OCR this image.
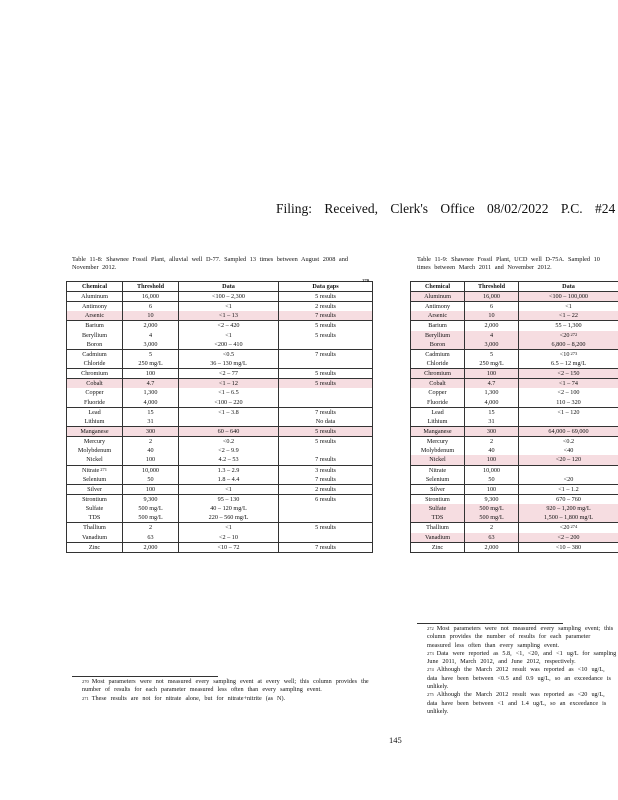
Filing: Received, Clerk's Office 08/02/2022 P.C. #24
Table 11-8: Shawnee Fossil Plant, alluvial well D-77. Sampled 13 times between August 2008 and November 2012.
Table 11-9: Shawnee Fossil Plant, UCD well D-75A. Sampled 10 times between March 2011 and November 2012.
Chemical	Threshold	Data	Data gaps
270

Aluminum	16,000	<100 – 2,300	5 results
Antimony	6	<1	2 results
Arsenic	10	<1 – 13	7 results
Barium	2,000	<2 – 420	5 results
Beryllium	4	<1	5 results
Boron	3,000	<200 – 410	
Cadmium	5	<0.5	7 results
Chloride	250 mg/L	36 – 130 mg/L	
Chromium	100	<2 – 77	5 results
Cobalt	4.7	<1 – 12	5 results
Copper	1,300	<1 – 6.5	
Fluoride	4,000	<100 – 220	
Lead	15	<1 – 3.8	7 results
Lithium	31		No data
Manganese	300	60 – 640	5 results
Mercury	2	<0.2	5 results
Molybdenum	40	<2 – 9.9	
Nickel	100	4.2 – 53	7 results
Nitrate$^{271}$	10,000	1.3 – 2.9	3 results
Selenium	50	1.8 – 4.4	7 results
Silver	100	<1	2 results
Strontium	9,300	95 – 130	6 results
Sulfate	500 mg/L	40 – 120 mg/L	
TDS	500 mg/L	220 – 560 mg/L	
Thallium	2	<1	5 results
Vanadium	63	<2 – 10	
Zinc	2,000	<10 – 72	7 results
Chemical	Threshold	Data
Aluminum	16,000	<100 – 100,000
Antimony	6	<1
Arsenic	10	<1 – 22
Barium	2,000	55 – 1,300
Beryllium	4	<20$^{272}$
Boron	3,000	6,800 – 8,200
Cadmium	5	<10$^{273}$
Chloride	250 mg/L	6.5 – 12 mg/L
Chromium	100	<2 – 150
Cobalt	4.7	<1 – 74
Copper	1,300	<2 – 100
Fluoride	4,000	110 – 320
Lead	15	<1 – 120
Lithium	31	
Manganese	300	64,000 – 69,000
Mercury	2	<0.2
Molybdenum	40	<40
Nickel	100	<20 – 120
Nitrate	10,000	
Selenium	50	<20
Silver	100	<1 – 1.2
Strontium	9,300	670 – 760
Sulfate	500 mg/L	920 – 1,200 mg/L
TDS	500 mg/L	1,500 – 1,800 mg/L
Thallium	2	<20$^{274}$
Vanadium	63	<2 – 200
Zinc	2,000	<10 – 380

272 Most parameters were not measured every sampling event; this column provides the number of results for each parameter measured less often than every sampling event.

273 Data were reported as 5.8, <1, <20, and <1 ug/L for sampling June 2011, March 2012, and June 2012, respectively.

274 Although the March 2012 result was reported as <10 ug/L, data have been between <0.5 and 0.9 ug/L, so an exceedance is unlikely.

275 Although the March 2012 result was reported as <20 ug/L, data have been between <1 and 1.4 ug/L, so an exceedance is unlikely.

270 Most parameters were not measured every sampling event at every well; this column provides the number of results for each parameter measured less often than every sampling event.

271 These results are not for nitrate alone, but for nitrate+nitrite (as N).

145
